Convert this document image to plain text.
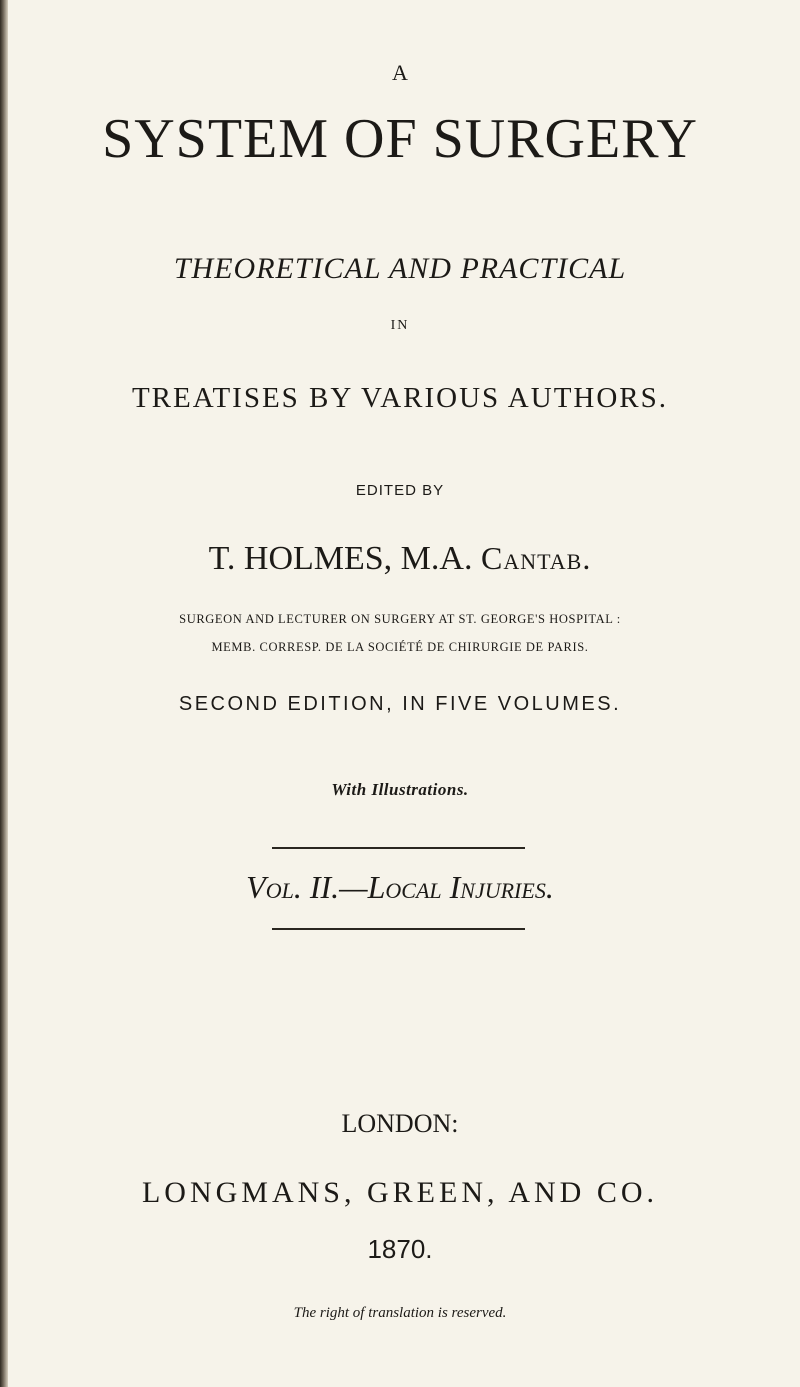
A
SYSTEM OF SURGERY
THEORETICAL AND PRACTICAL
IN
TREATISES BY VARIOUS AUTHORS.
EDITED BY
T. HOLMES, M.A. Cantab.
SURGEON AND LECTURER ON SURGERY AT ST. GEORGE'S HOSPITAL :
MEMB. CORRESP. DE LA SOCIÉTÉ DE CHIRURGIE DE PARIS.
SECOND EDITION, IN FIVE VOLUMES.
With Illustrations.
Vol. II.—Local Injuries.
LONDON:
LONGMANS, GREEN, AND CO.
1870.
The right of translation is reserved.
